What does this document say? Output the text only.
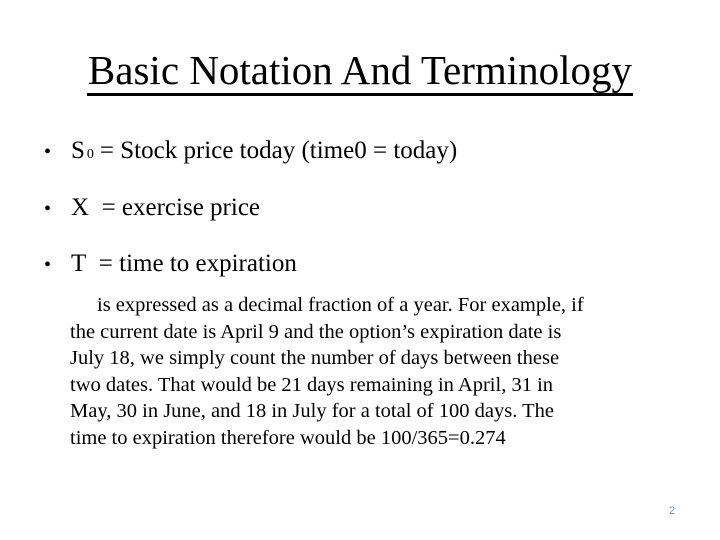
Basic Notation And Terminology
• S 0 = Stock price today (time0 = today)
• X = exercise price
• T = time to expiration
is expressed as a decimal fraction of a year. For example, if
the current date is April 9 and the option’s expiration date is
July 18, we simply count the number of days between these
two dates. That would be 21 days remaining in April, 31 in
May, 30 in June, and 18 in July for a total of 100 days. The
time to expiration therefore would be 100/365=0.274
2
